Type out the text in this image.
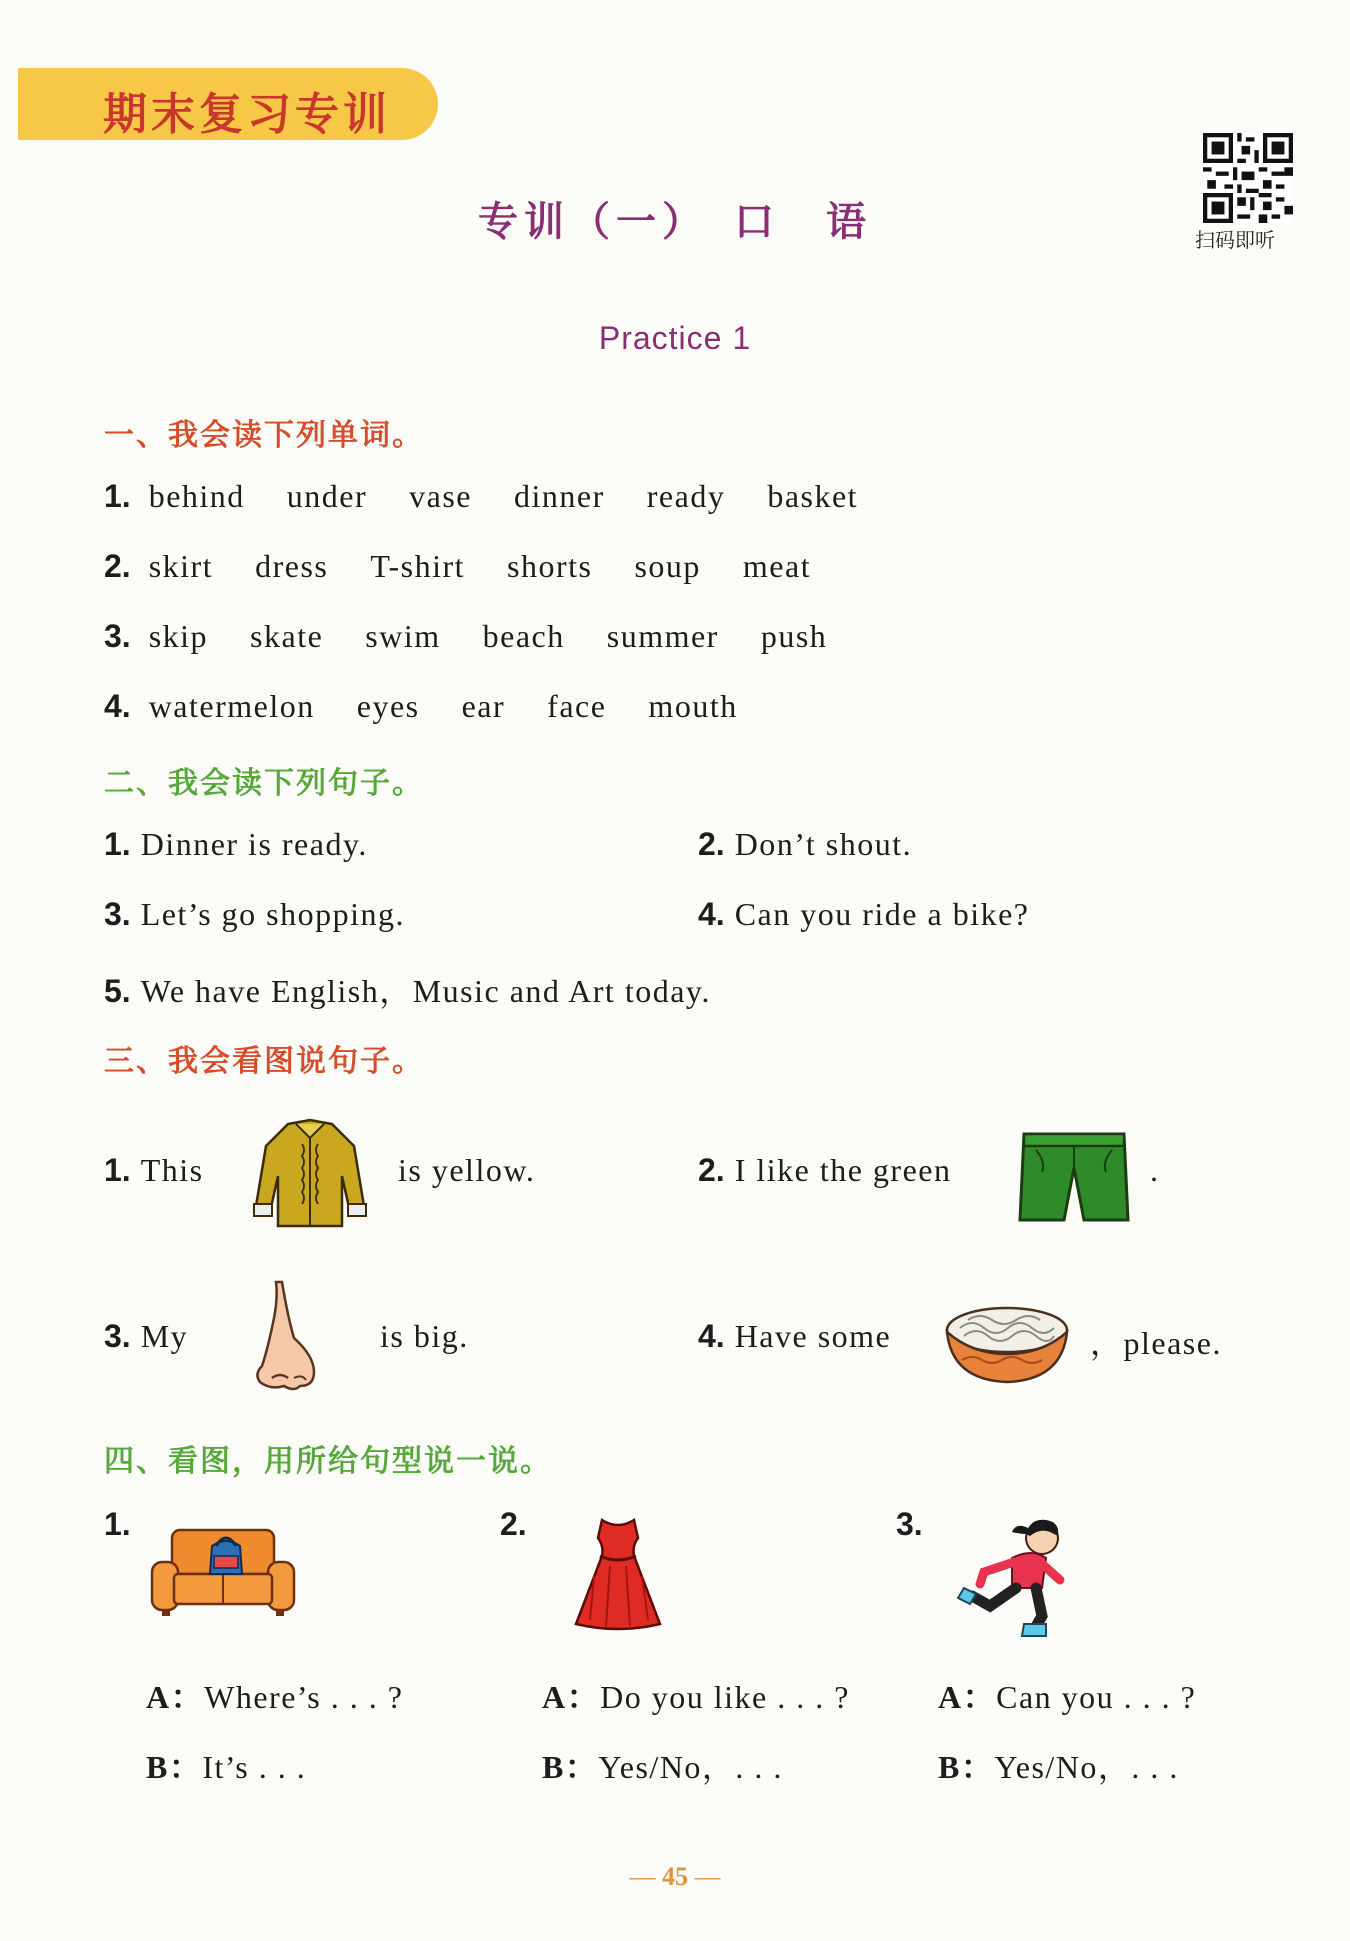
期末复习专训
扫码即听
专训（一）　口　语
Practice 1
一、我会读下列单词。
1. behind under vase dinner ready basket
2. skirt dress T-shirt shorts soup meat
3. skip skate swim beach summer push
4. watermelon eyes ear face mouth
二、我会读下列句子。
1. Dinner is ready.	2. Don’t shout.
3. Let’s go shopping.	4. Can you ride a bike?
5. We have English，Music and Art today.
三、我会看图说句子。
1. This	is yellow.	2. I like the green	.
3. My	is big.	4. Have some	，please.
四、看图，用所给句型说一说。
1.
A：Where’s . . . ?
B：It’s . . .
2.
A：Do you like . . . ?
B：Yes/No，. . .
3.
A：Can you . . . ?
B：Yes/No，. . .
— 45 —
